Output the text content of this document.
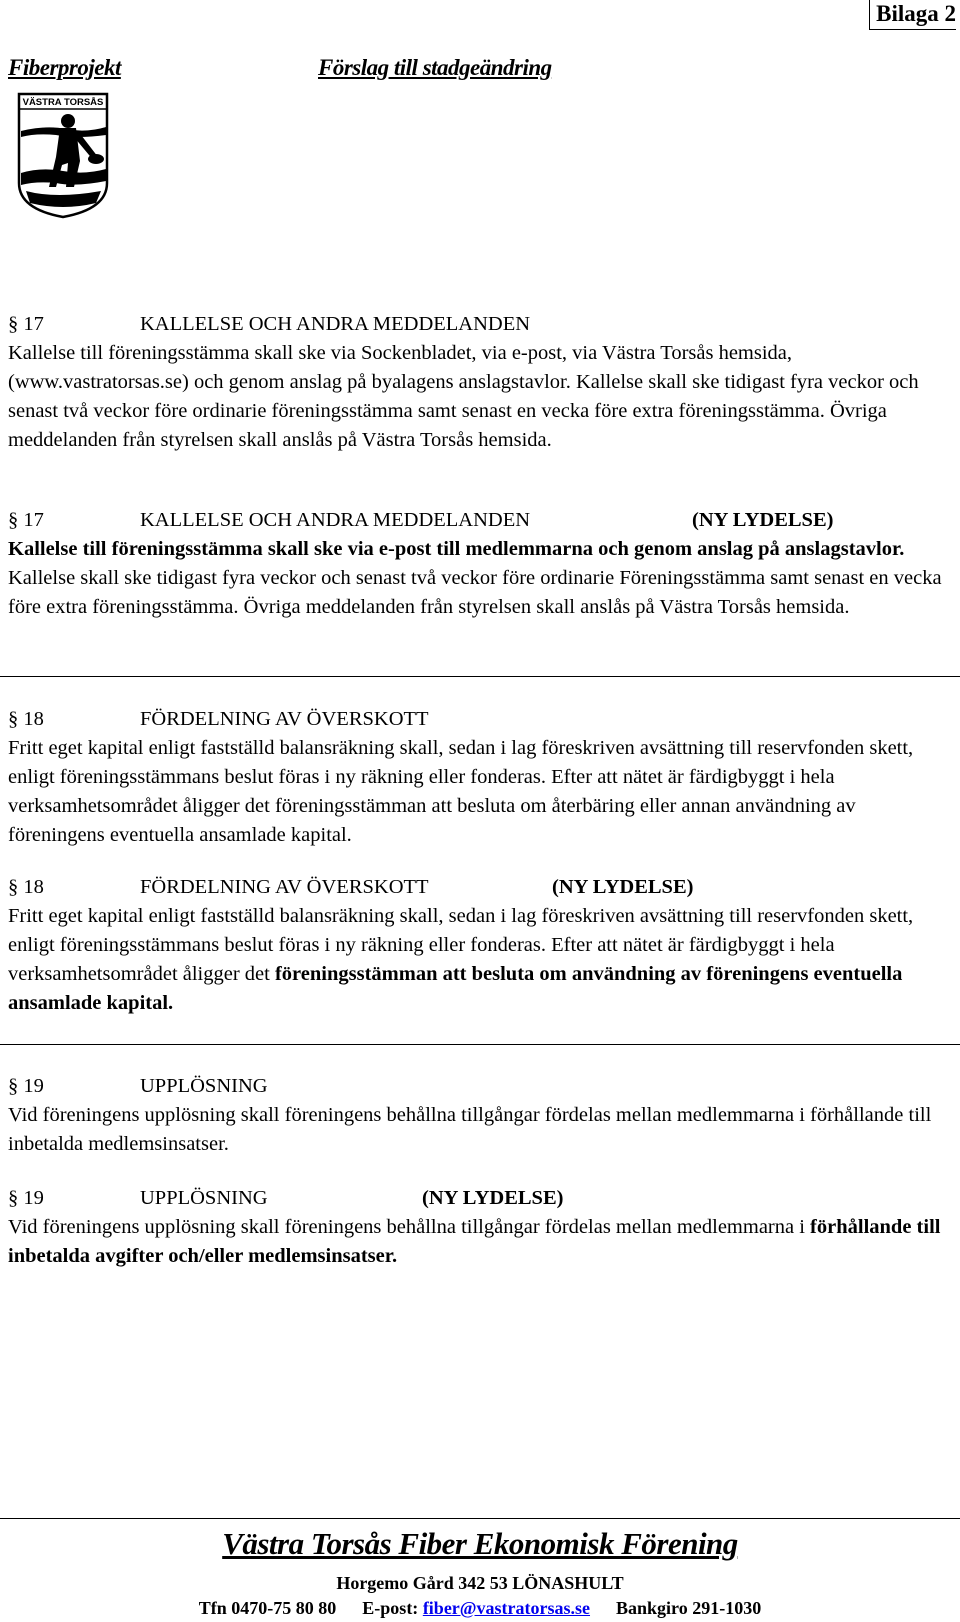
Bilaga 2
Fiberprojekt	Förslag till stadgeändring
VÄSTRA TORSÅS

§ 17	KALLELSE OCH ANDRA MEDDELANDEN

Kallelse till föreningsstämma skall ske via Sockenbladet, via e-post, via Västra Torsås hemsida, (www.vastratorsas.se) och genom anslag på byalagens anslagstavlor. Kallelse skall ske tidigast fyra veckor och senast två veckor före ordinarie föreningsstämma samt senast en vecka före extra föreningsstämma. Övriga meddelanden från styrelsen skall anslås på Västra Torsås hemsida.

§ 17	KALLELSE OCH ANDRA MEDDELANDEN	(NY LYDELSE)

Kallelse till föreningsstämma skall ske via e-post till medlemmarna och genom anslag på anslagstavlor. Kallelse skall ske tidigast fyra veckor och senast två veckor före ordinarie Föreningsstämma samt senast en vecka före extra föreningsstämma. Övriga meddelanden från styrelsen skall anslås på Västra Torsås hemsida.

§ 18	FÖRDELNING AV ÖVERSKOTT

Fritt eget kapital enligt fastställd balansräkning skall, sedan i lag föreskriven avsättning till reservfonden skett, enligt föreningsstämmans beslut föras i ny räkning eller fonderas. Efter att nätet är färdigbyggt i hela verksamhetsområdet åligger det föreningsstämman att besluta om återbäring eller annan användning av föreningens eventuella ansamlade kapital.

§ 18	FÖRDELNING AV ÖVERSKOTT	(NY LYDELSE)

Fritt eget kapital enligt fastställd balansräkning skall, sedan i lag föreskriven avsättning till reservfonden skett, enligt föreningsstämmans beslut föras i ny räkning eller fonderas. Efter att nätet är färdigbyggt i hela verksamhetsområdet åligger det föreningsstämman att besluta om användning av föreningens eventuella ansamlade kapital.

§ 19	UPPLÖSNING

Vid föreningens upplösning skall föreningens behållna tillgångar fördelas mellan medlemmarna i förhållande till inbetalda medlemsinsatser.

§ 19	UPPLÖSNING	(NY LYDELSE)

Vid föreningens upplösning skall föreningens behållna tillgångar fördelas mellan medlemmarna i förhållande till inbetalda avgifter och/eller medlemsinsatser.

Västra Torsås Fiber Ekonomisk Förening
Horgemo Gård 342 53 LÖNASHULT
Tfn 0470-75 80 80 E-post: fiber@vastratorsas.se Bankgiro 291-1030
